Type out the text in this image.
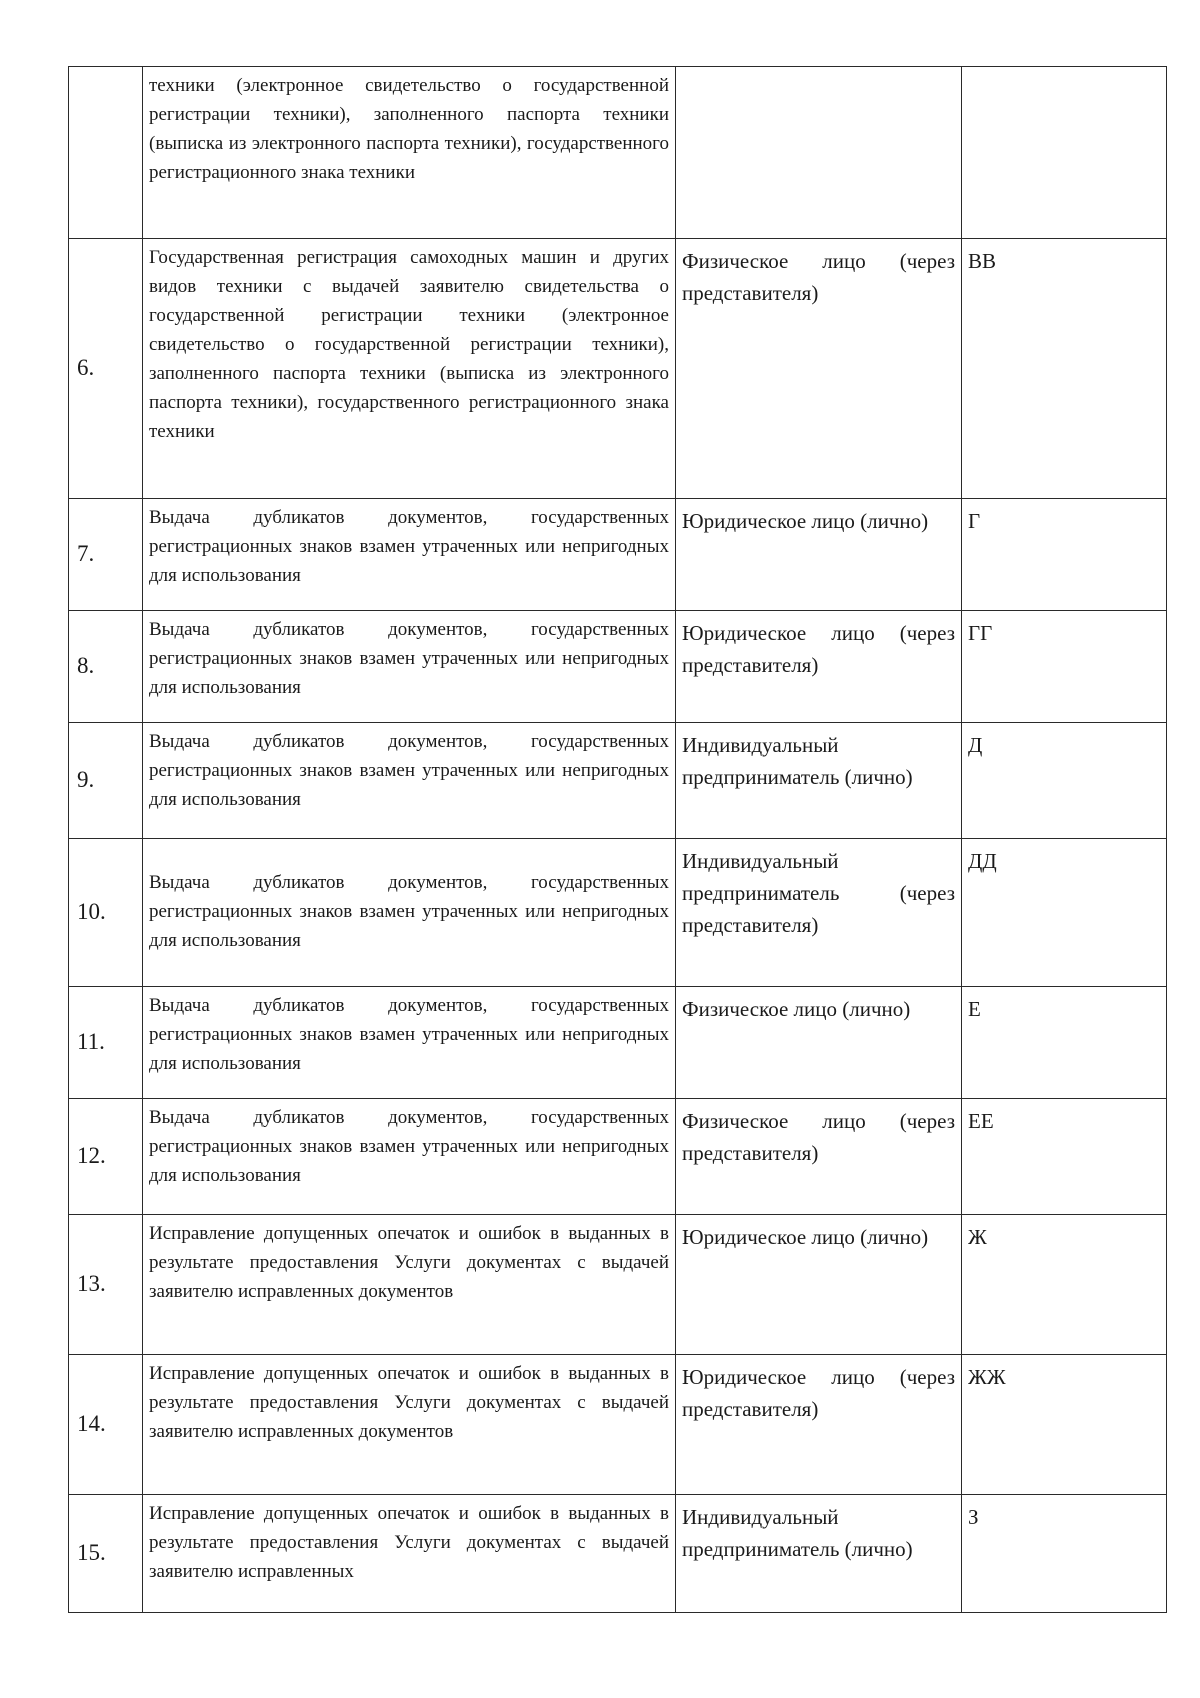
	техники (электронное свидетельство о государственной регистрации техники), заполненного паспорта техники (выписка из электронного паспорта техники), государственного регистрационного знака техники		
6.	Государственная регистрация самоходных машин и других видов техники с выдачей заявителю свидетельства о государственной регистрации техники (электронное свидетельство о государственной регистрации техники), заполненного паспорта техники (выписка из электронного паспорта техники), государственного регистрационного знака техники	Физическое лицо (через представителя)	ВВ
7.	Выдача дубликатов документов, государственных регистрационных знаков взамен утраченных или непригодных для использования	Юридическое лицо (лично)	Г
8.	Выдача дубликатов документов, государственных регистрационных знаков взамен утраченных или непригодных для использования	Юридическое лицо (через представителя)	ГГ
9.	Выдача дубликатов документов, государственных регистрационных знаков взамен утраченных или непригодных для использования	Индивидуальный предприниматель (лично)	Д
10.	Выдача дубликатов документов, государственных регистрационных знаков взамен утраченных или непригодных для использования	Индивидуальный предприниматель (через представителя)	ДД
11.	Выдача дубликатов документов, государственных регистрационных знаков взамен утраченных или непригодных для использования	Физическое лицо (лично)	Е
12.	Выдача дубликатов документов, государственных регистрационных знаков взамен утраченных или непригодных для использования	Физическое лицо (через представителя)	ЕЕ
13.	Исправление допущенных опечаток и ошибок в выданных в результате предоставления Услуги документах с выдачей заявителю исправленных документов	Юридическое лицо (лично)	Ж
14.	Исправление допущенных опечаток и ошибок в выданных в результате предоставления Услуги документах с выдачей заявителю исправленных документов	Юридическое лицо (через представителя)	ЖЖ
15.	Исправление допущенных опечаток и ошибок в выданных в результате предоставления Услуги документах с выдачей заявителю исправленных	Индивидуальный предприниматель (лично)	З
